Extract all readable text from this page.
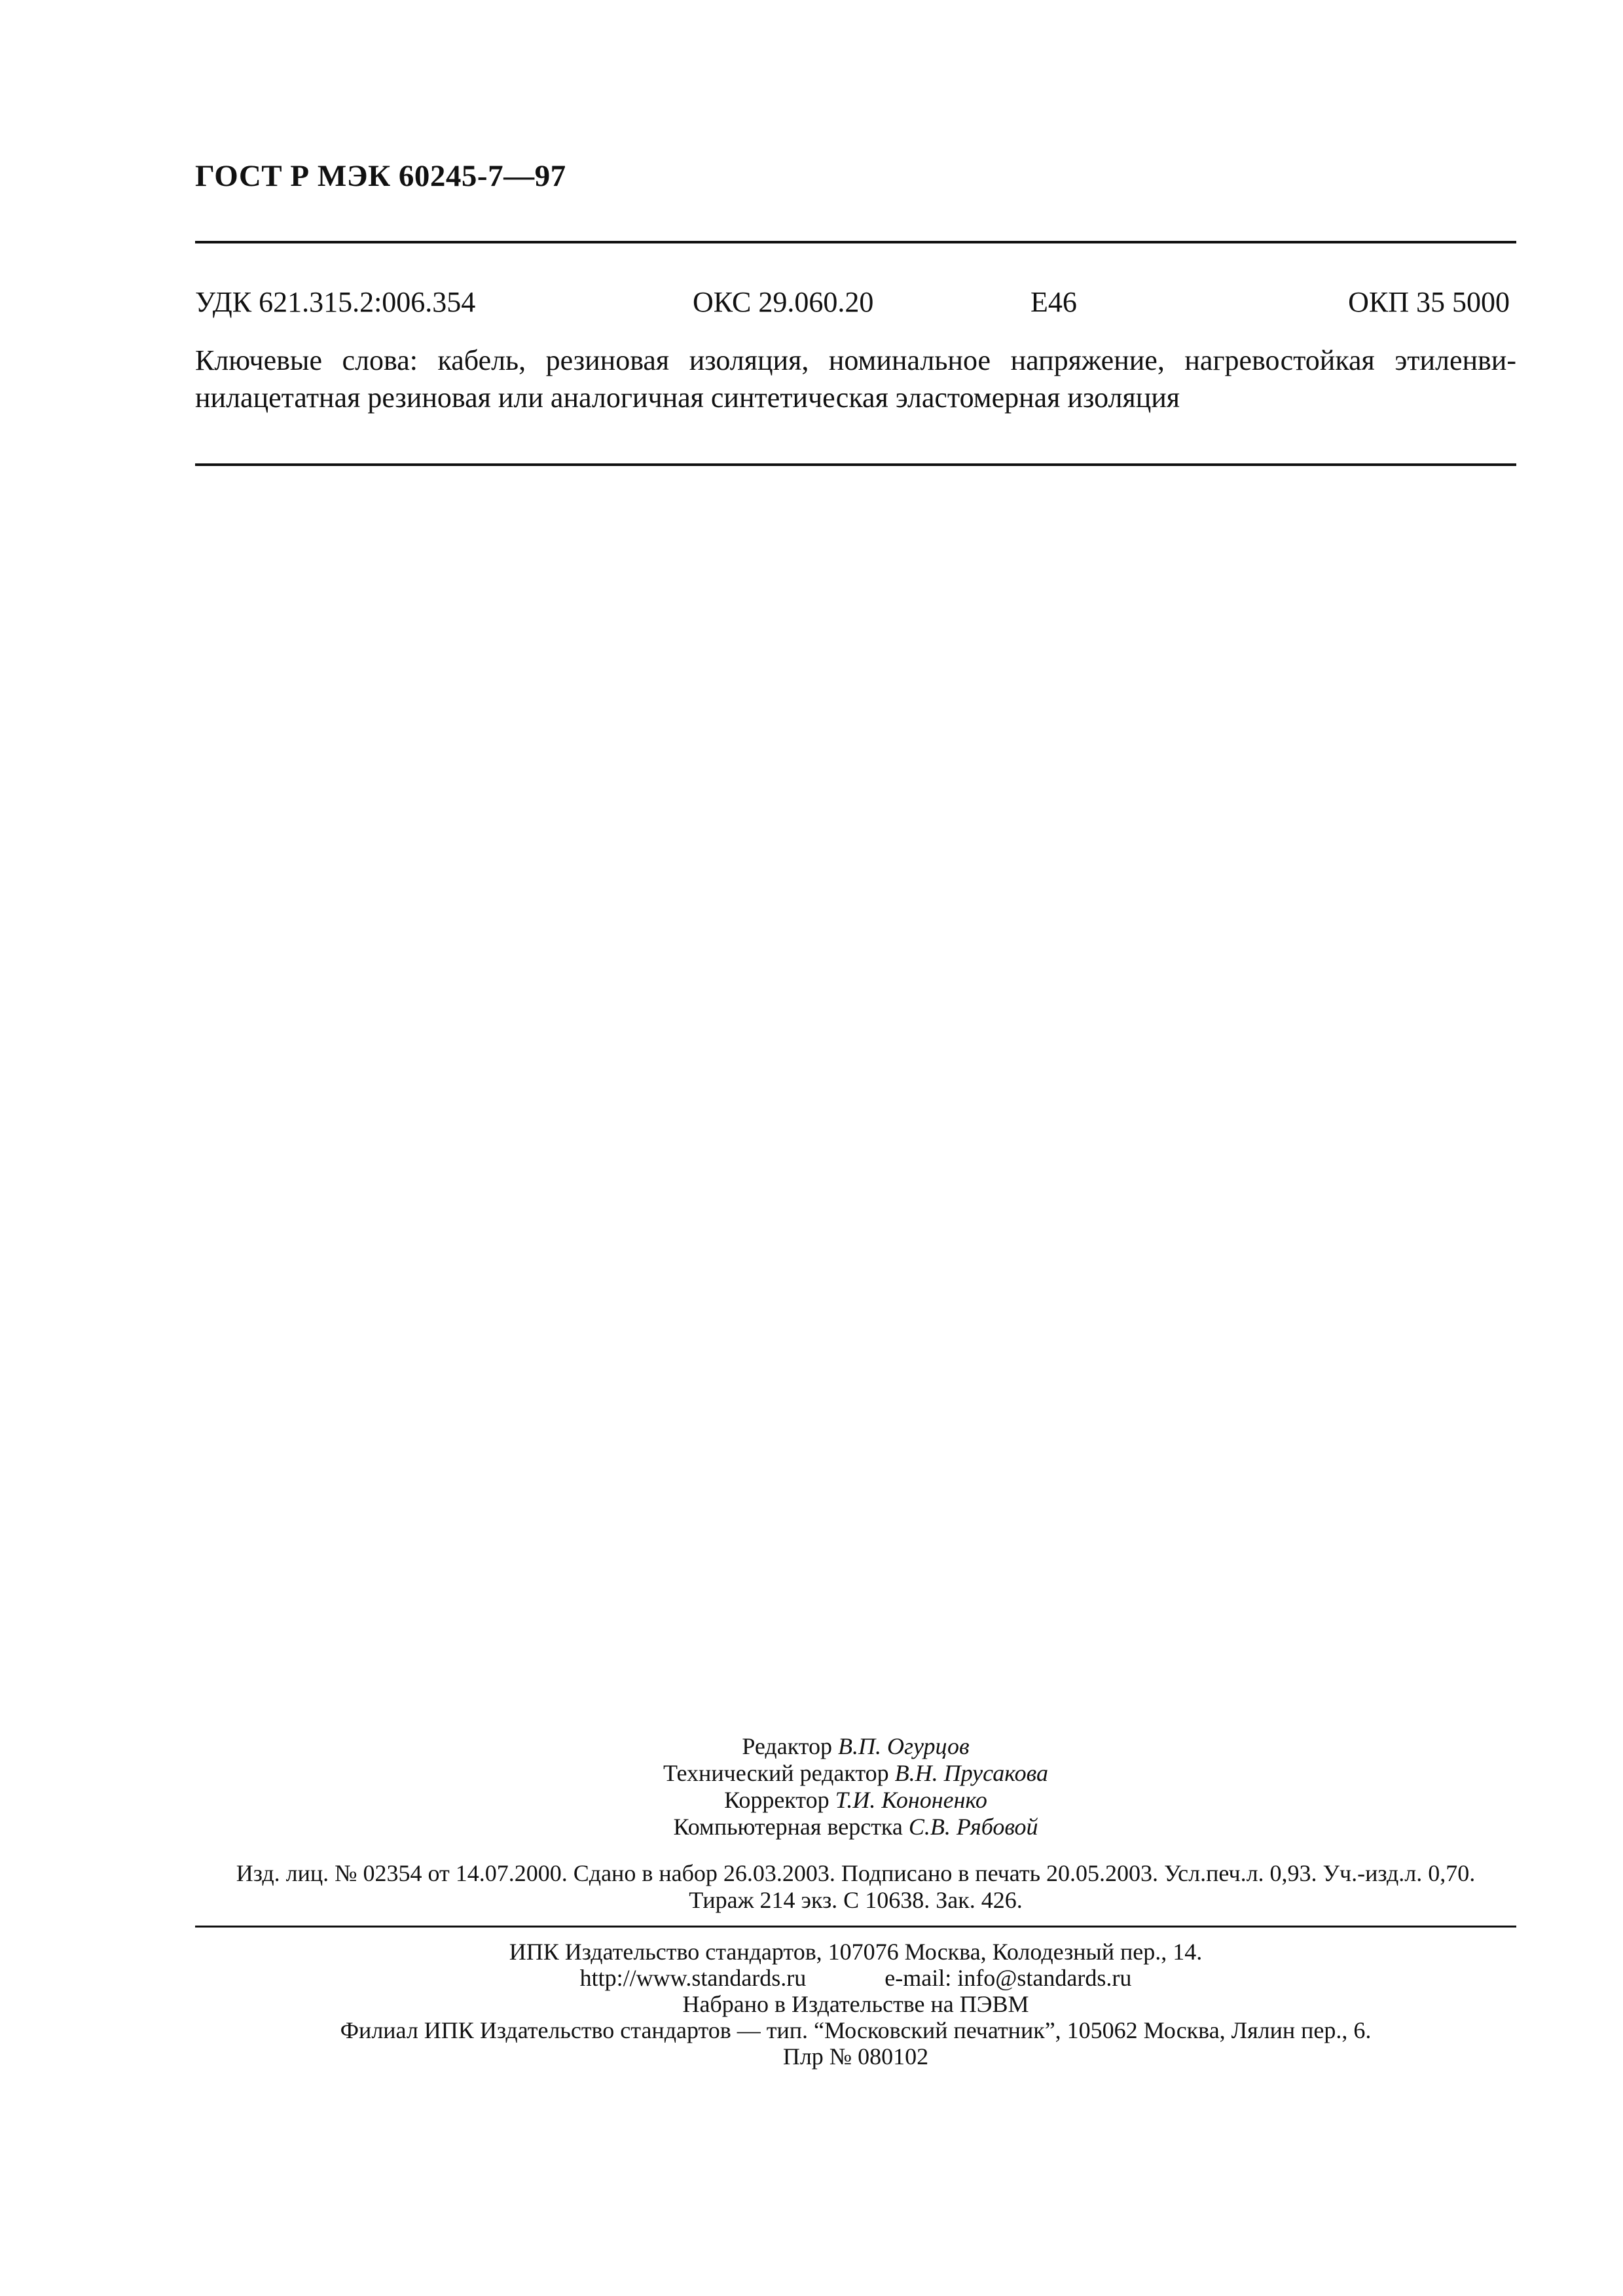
ГОСТ Р МЭК 60245-7—97
УДК 621.315.2:006.354	ОКС 29.060.20	Е46	ОКП 35 5000
Ключевые слова: кабель, резиновая изоляция, номинальное напряжение, нагревостойкая этиленви-
нилацетатная резиновая или аналогичная синтетическая эластомерная изоляция
Редактор В.П. Огурцов
Технический редактор В.Н. Прусакова
Корректор Т.И. Кононенко
Компьютерная верстка С.В. Рябовой
Изд. лиц. № 02354 от 14.07.2000. Сдано в набор 26.03.2003. Подписано в печать 20.05.2003. Усл.печ.л. 0,93. Уч.-изд.л. 0,70.
Тираж 214 экз. С 10638. Зак. 426.
ИПК Издательство стандартов, 107076 Москва, Колодезный пер., 14.
http://www.standards.ru	e-mail: info@standards.ru
Набрано в Издательстве на ПЭВМ
Филиал ИПК Издательство стандартов — тип. “Московский печатник”, 105062 Москва, Лялин пер., 6.
Плр № 080102
